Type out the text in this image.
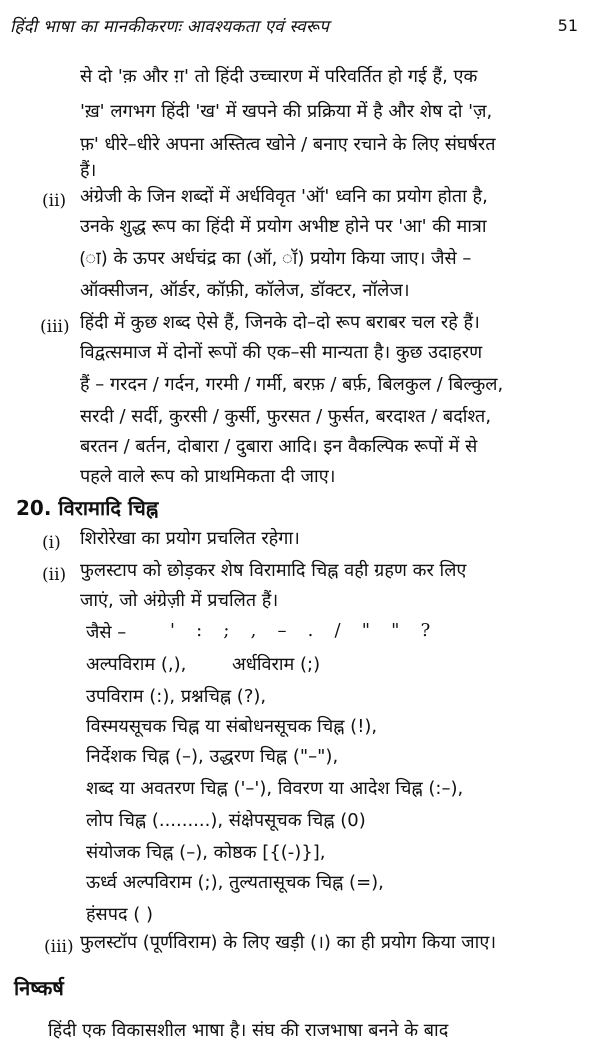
हिंदी भाषा का मानकीकरणः आवश्यकता एवं स्वरूप	51
से दो 'क़ और ग़' तो हिंदी उच्चारण में परिवर्तित हो गई हैं, एक
'ख़' लगभग हिंदी 'ख' में खपने की प्रक्रिया में है और शेष दो 'ज़,
फ़' धीरे–धीरे अपना अस्तित्व खोने / बनाए रचाने के लिए संघर्षरत
हैं।
(ii) अंग्रेजी के जिन शब्दों में अर्धविवृत 'ऑ' ध्वनि का प्रयोग होता है,
उनके शुद्ध रूप का हिंदी में प्रयोग अभीष्ट होने पर 'आ' की मात्रा
(ा) के ऊपर अर्धचंद्र का (ऑ, ॉ) प्रयोग किया जाए। जैसे –
ऑक्सीजन, ऑर्डर, कॉफ़ी, कॉलेज, डॉक्टर, नॉलेज।
(iii) हिंदी में कुछ शब्द ऐसे हैं, जिनके दो–दो रूप बराबर चल रहे हैं।
विद्वत्समाज में दोनों रूपों की एक–सी मान्यता है। कुछ उदाहरण
हैं – गरदन / गर्दन, गरमी / गर्मी, बरफ़ / बर्फ़, बिलकुल / बिल्कुल,
सरदी / सर्दी, कुरसी / कुर्सी, फुरसत / फुर्सत, बरदाश्त / बर्दाश्त,
बरतन / बर्तन, दोबारा / दुबारा आदि। इन वैकल्पिक रूपों में से
पहले वाले रूप को प्राथमिकता दी जाए।
20. विरामादि चिह्न
(i) शिरोरेखा का प्रयोग प्रचलित रहेगा।
(ii) फुलस्टाप को छोड़कर शेष विरामादि चिह्न वही ग्रहण कर लिए
जाएं, जो अंग्रेज़ी में प्रचलित हैं।
जैसे – '   :   ;   ,   –   .   /   "   "   ?
अल्पविराम (,),	अर्धविराम (;)
उपविराम (:), प्रश्नचिह्न (?),
विस्मयसूचक चिह्न या संबोधनसूचक चिह्न (!),
निर्देशक चिह्न (–), उद्धरण चिह्न ("–"),
शब्द या अवतरण चिह्न ('–'), विवरण या आदेश चिह्न (:–),
लोप चिह्न (.........), संक्षेपसूचक चिह्न (0)
संयोजक चिह्न (–), कोष्ठक [{(-)}],
ऊर्ध्व अल्पविराम (;), तुल्यतासूचक चिह्न (=),
हंसपद ( )
(iii) फुलस्टॉप (पूर्णविराम) के लिए खड़ी (।) का ही प्रयोग किया जाए।
निष्कर्ष
हिंदी एक विकासशील भाषा है। संघ की राजभाषा बनने के बाद
